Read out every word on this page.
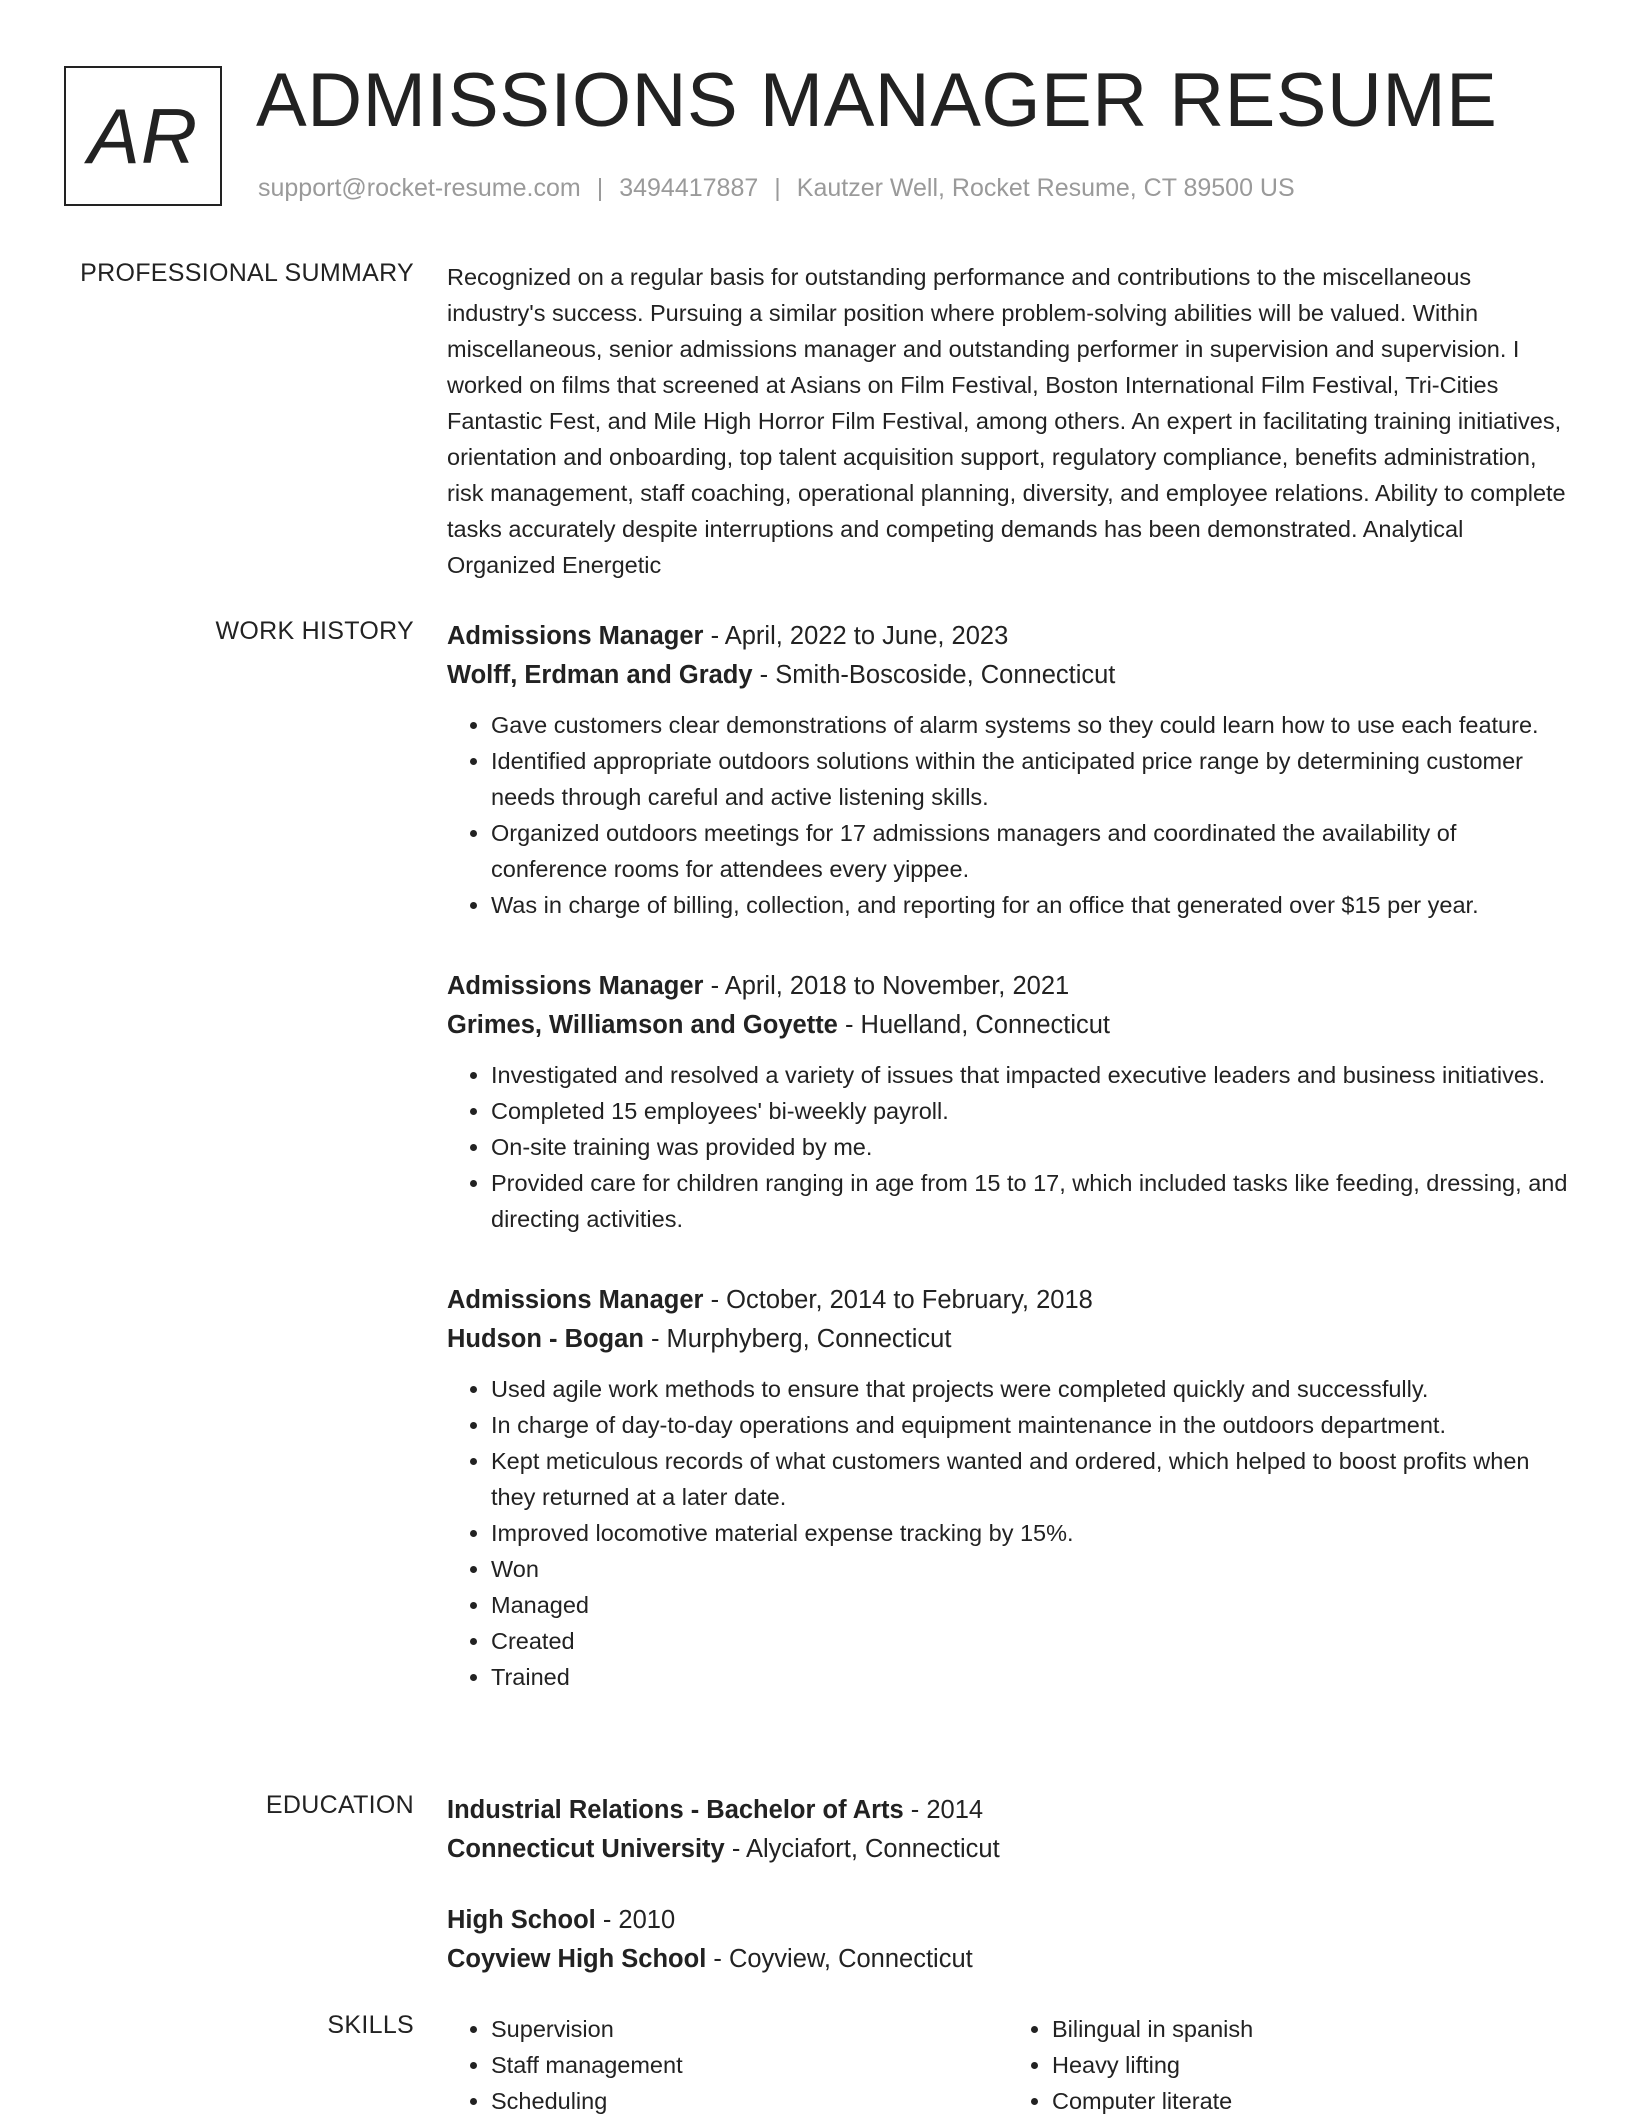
AR ADMISSIONS MANAGER RESUME
support@rocket-resume.com | 3494417887 | Kautzer Well, Rocket Resume, CT 89500 US
PROFESSIONAL SUMMARY Recognized on a regular basis for outstanding performance and contributions to the miscellaneous industry's success. Pursuing a similar position where problem-solving abilities will be valued. Within miscellaneous, senior admissions manager and outstanding performer in supervision and supervision. I worked on films that screened at Asians on Film Festival, Boston International Film Festival, Tri-Cities Fantastic Fest, and Mile High Horror Film Festival, among others. An expert in facilitating training initiatives, orientation and onboarding, top talent acquisition support, regulatory compliance, benefits administration, risk management, staff coaching, operational planning, diversity, and employee relations. Ability to complete tasks accurately despite interruptions and competing demands has been demonstrated. Analytical Organized Energetic

WORK HISTORY Admissions Manager - April, 2022 to June, 2023
Wolff, Erdman and Grady - Smith-Boscoside, Connecticut
• Gave customers clear demonstrations of alarm systems so they could learn how to use each feature.
• Identified appropriate outdoors solutions within the anticipated price range by determining customer needs through careful and active listening skills.
• Organized outdoors meetings for 17 admissions managers and coordinated the availability of conference rooms for attendees every yippee.
• Was in charge of billing, collection, and reporting for an office that generated over $15 per year.
Admissions Manager - April, 2018 to November, 2021
Grimes, Williamson and Goyette - Huelland, Connecticut
• Investigated and resolved a variety of issues that impacted executive leaders and business initiatives.
• Completed 15 employees' bi-weekly payroll.
• On-site training was provided by me.
• Provided care for children ranging in age from 15 to 17, which included tasks like feeding, dressing, and directing activities.
Admissions Manager - October, 2014 to February, 2018
Hudson - Bogan - Murphyberg, Connecticut
• Used agile work methods to ensure that projects were completed quickly and successfully.
• In charge of day-to-day operations and equipment maintenance in the outdoors department.
• Kept meticulous records of what customers wanted and ordered, which helped to boost profits when they returned at a later date.
• Improved locomotive material expense tracking by 15%.
• Won
• Managed
• Created
• Trained
EDUCATION Industrial Relations - Bachelor of Arts - 2014
Connecticut University - Alyciafort, Connecticut
High School - 2010
Coyview High School - Coyview, Connecticut
SKILLS
•	Supervision
• Staff management
• Scheduling
• Bilingual in spanish
• Heavy lifting
• Computer literate
